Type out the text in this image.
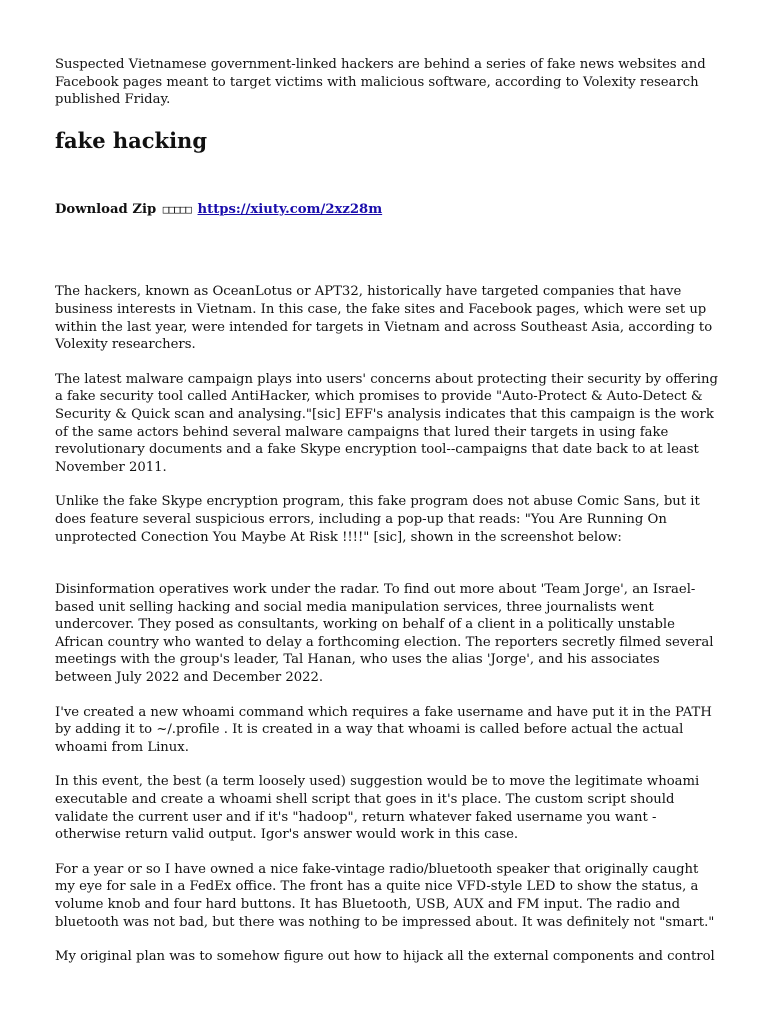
Suspected Vietnamese government-linked hackers are behind a series of fake news websites and Facebook pages meant to target victims with malicious software, according to Volexity research published Friday.

fake hacking
Download Zip □□□□□ https://xiuty.com/2xz28m

The hackers, known as OceanLotus or APT32, historically have targeted companies that have business interests in Vietnam. In this case, the fake sites and Facebook pages, which were set up within the last year, were intended for targets in Vietnam and across Southeast Asia, according to Volexity researchers.

The latest malware campaign plays into users' concerns about protecting their security by offering a fake security tool called AntiHacker, which promises to provide "Auto-Protect & Auto-Detect & Security & Quick scan and analysing."[sic] EFF's analysis indicates that this campaign is the work of the same actors behind several malware campaigns that lured their targets in using fake revolutionary documents and a fake Skype encryption tool--campaigns that date back to at least November 2011.

Unlike the fake Skype encryption program, this fake program does not abuse Comic Sans, but it does feature several suspicious errors, including a pop-up that reads: "You Are Running On unprotected Conection You Maybe At Risk !!!!" [sic], shown in the screenshot below:

Disinformation operatives work under the radar. To find out more about 'Team Jorge', an Israel-based unit selling hacking and social media manipulation services, three journalists went undercover. They posed as consultants, working on behalf of a client in a politically unstable African country who wanted to delay a forthcoming election. The reporters secretly filmed several meetings with the group's leader, Tal Hanan, who uses the alias 'Jorge', and his associates between July 2022 and December 2022.

I've created a new whoami command which requires a fake username and have put it in the PATH by adding it to ~/.profile . It is created in a way that whoami is called before actual the actual whoami from Linux.

In this event, the best (a term loosely used) suggestion would be to move the legitimate whoami executable and create a whoami shell script that goes in it's place. The custom script should validate the current user and if it's "hadoop", return whatever faked username you want - otherwise return valid output. Igor's answer would work in this case.

For a year or so I have owned a nice fake-vintage radio/bluetooth speaker that originally caught my eye for sale in a FedEx office. The front has a quite nice VFD-style LED to show the status, a volume knob and four hard buttons. It has Bluetooth, USB, AUX and FM input. The radio and bluetooth was not bad, but there was nothing to be impressed about. It was definitely not "smart."

My original plan was to somehow figure out how to hijack all the external components and control
